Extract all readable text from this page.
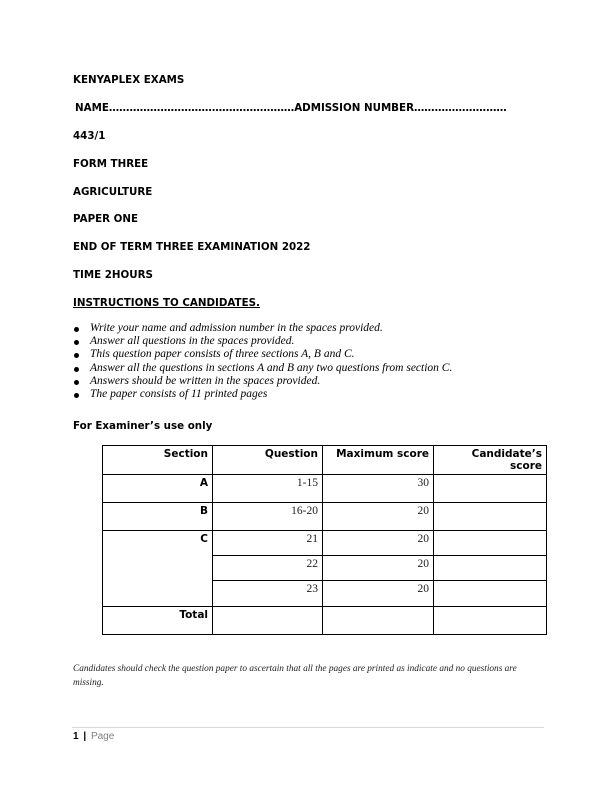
KENYAPLEX EXAMS
NAME………………………………………………ADMISSION NUMBER………………………
443/1
FORM THREE
AGRICULTURE
PAPER ONE
END OF TERM THREE EXAMINATION 2022
TIME 2HOURS
INSTRUCTIONS TO CANDIDATES.
Write your name and admission number in the spaces provided.
Answer all questions in the spaces provided.
This question paper consists of three sections A, B and C.
Answer all the questions in sections A and B any two questions from section C.
Answers should be written in the spaces provided.
The paper consists of 11 printed pages
For Examiner’s use only
Section	Question	Maximum score	Candidate’s score
A	1-15	30	
B	16-20	20	
C	21	20	
	22	20	
	23	20	
Total			
Candidates should check the question paper to ascertain that all the pages are printed as indicate and no questions are missing.
1 | Page
